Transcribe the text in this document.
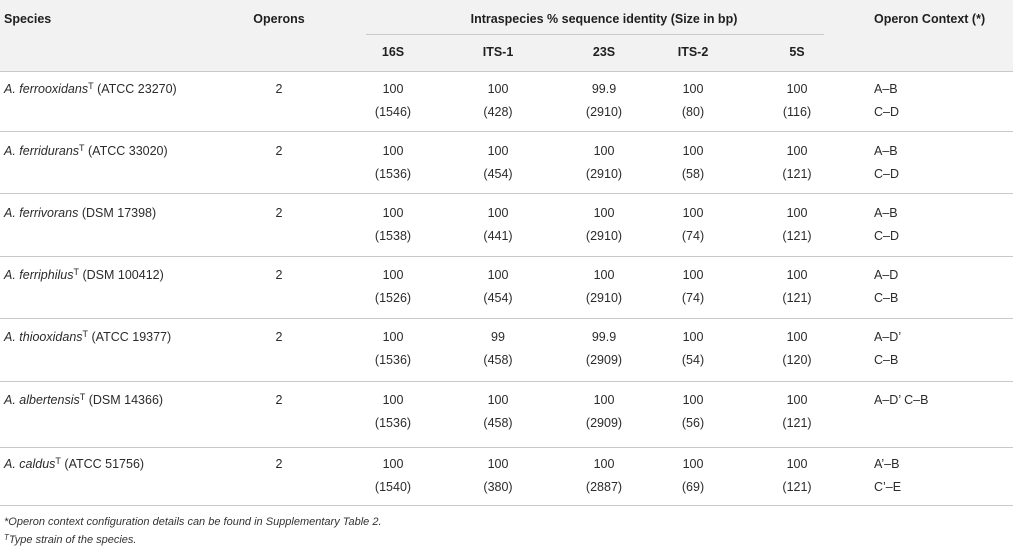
Species	Operons	Intraspecies % sequence identity (Size in bp)	Operon Context (*)
16S	ITS-1	23S	ITS-2	5S
A. ferrooxidans$^T$ (ATCC 23270)	2	100	100	99.9	100	100	A–B
(1546)	(428)	(2910)	(80)	(116)	C–D
A. ferridurans$^T$ (ATCC 33020)	2	100	100	100	100	100	A–B
(1536)	(454)	(2910)	(58)	(121)	C–D
A. ferrivorans (DSM 17398)	2	100	100	100	100	100	A–B
(1538)	(441)	(2910)	(74)	(121)	C–D
A. ferriphilus$^T$ (DSM 100412)	2	100	100	100	100	100	A–D
(1526)	(454)	(2910)	(74)	(121)	C–B
A. thiooxidans$^T$ (ATCC 19377)	2	100	99	99.9	100	100	A–D’
(1536)	(458)	(2909)	(54)	(120)	C–B
A. albertensis$^T$ (DSM 14366)	2	100	100	100	100	100	A–D’ C–B
(1536)	(458)	(2909)	(56)	(121)
A. caldus$^T$ (ATCC 51756)	2	100	100	100	100	100	A’–B
(1540)	(380)	(2887)	(69)	(121)	C’–E
*Operon context configuration details can be found in Supplementary Table 2.
$^T$Type strain of the species.
